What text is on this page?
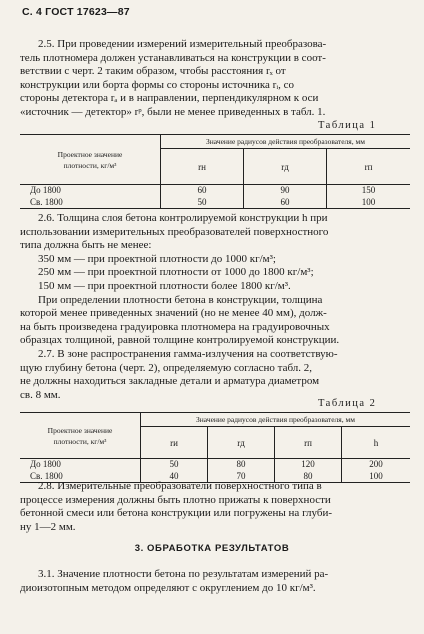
С. 4 ГОСТ 17623—87
2.5. При проведении измерений измерительный преобразова-
тель плотномера должен устанавливаться на конструкции в соот-
ветствии с черт. 2 таким образом, чтобы расстояния rₓ от
конструкции или борта формы со стороны источника rᵢ, со
стороны детектора rₐ и в направлении, перпендикулярном к оси
«источник — детектор» rᵖ, были не менее приведенных в табл. 1.
Таблица 1
Проектное значение
плотности, кг/м³	Значение радиусов действия преобразователя, мм		
	rн	rд	rп
До 1800	60	90	150
Св. 1800	50	60	100
2.6. Толщина слоя бетона контролируемой конструкции h при
использовании измерительных преобразователей поверхностного
типа должна быть не менее:
350 мм — при проектной плотности до 1000 кг/м³;
250 мм — при проектной плотности от 1000 до 1800 кг/м³;
150 мм — при проектной плотности более 1800 кг/м³.
При определении плотности бетона в конструкции, толщина
которой менее приведенных значений (но не менее 40 мм), долж-
на быть произведена градуировка плотномера на градуировочных
образцах толщиной, равной толщине контролируемой конструкции.
2.7. В зоне распространения гамма-излучения на соответствую-
щую глубину бетона (черт. 2), определяемую согласно табл. 2,
не должны находиться закладные детали и арматура диаметром
св. 8 мм.
Таблица 2
Проектное значение
плотности, кг/м³	Значение радиусов действия преобразователя, мм			
	rи	rд	rп	h
До 1800	50	80	120	200
Св. 1800	40	70	80	100
2.8. Измерительные преобразователи поверхностного типа в
процессе измерения должны быть плотно прижаты к поверхности
бетонной смеси или бетона конструкции или погружены на глуби-
ну 1—2 мм.
3. ОБРАБОТКА РЕЗУЛЬТАТОВ
3.1. Значение плотности бетона по результатам измерений ра-
диоизотопным методом определяют с округлением до 10 кг/м³.
